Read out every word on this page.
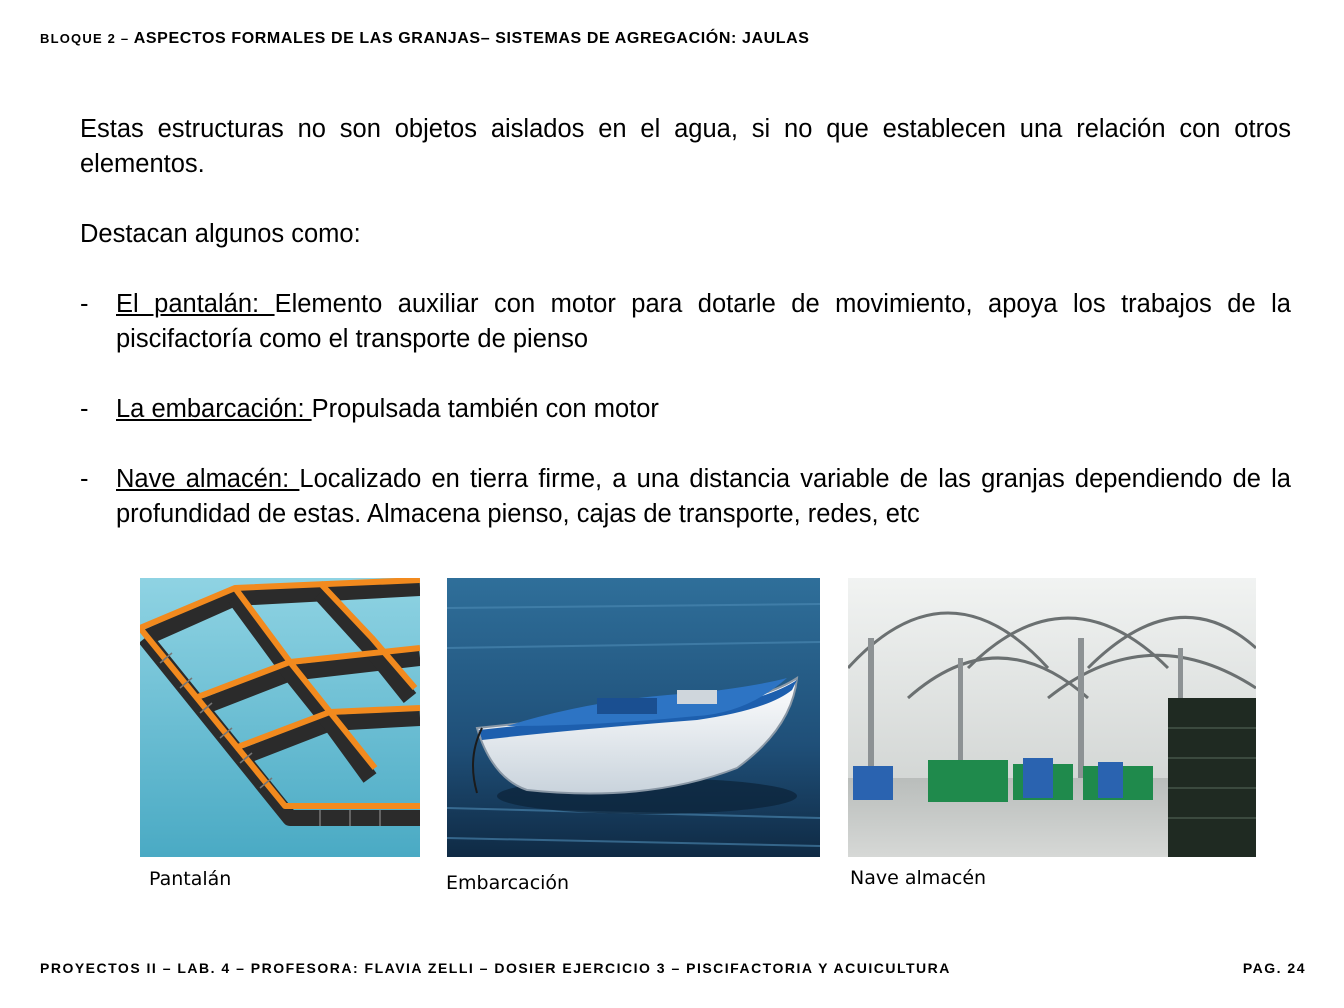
BLOQUE 2 – ASPECTOS FORMALES DE LAS GRANJAS– SISTEMAS DE AGREGACIÓN: JAULAS

Estas estructuras no son objetos aislados en el agua, si no que establecen una relación con otros elementos.

Destacan algunos como:

- El pantalán: Elemento auxiliar con motor para dotarle de movimiento, apoya los trabajos de la piscifactoría como el transporte de pienso

- La embarcación: Propulsada también con motor

- Nave almacén: Localizado en tierra firme, a una distancia variable de las granjas dependiendo de la profundidad de estas. Almacena pienso, cajas de transporte, redes, etc

Pantalán	Embarcación	Nave almacén
PROYECTOS II – LAB. 4 – PROFESORA: FLAVIA ZELLI – DOSIER EJERCICIO 3 – PISCIFACTORIA Y ACUICULTURA	PAG. 24
